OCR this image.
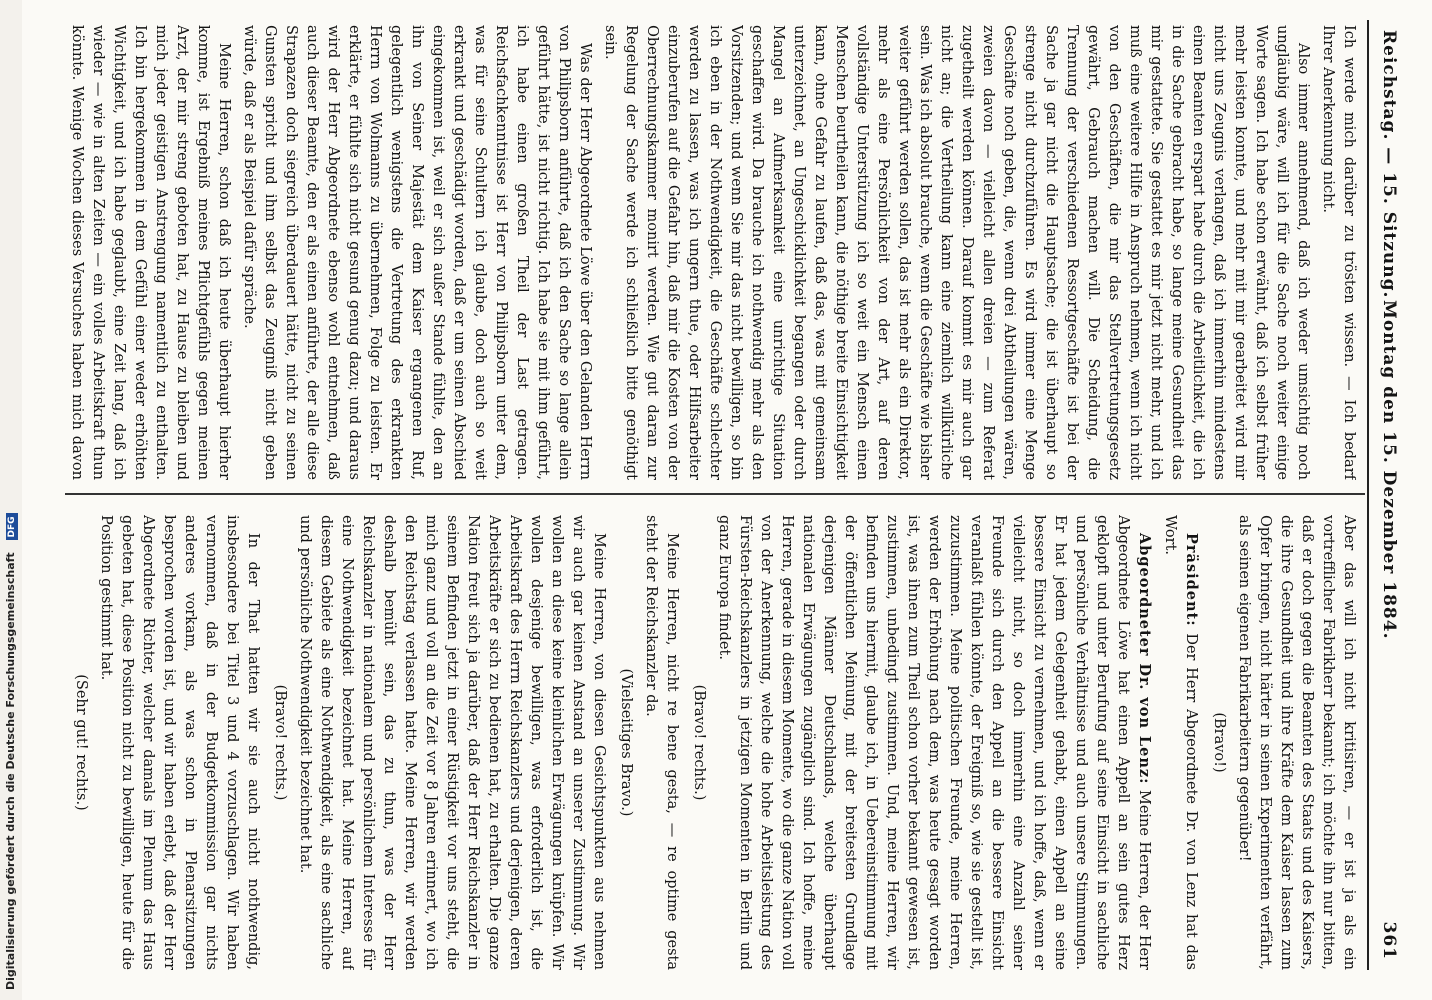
Digitalisierung gefördert durch die Deutsche Forschungsgemeinschaft DFG
Reichstag. — 15. Sitzung.
Montag den 15. Dezember 1884.
361

Ich werde mich darüber zu trösten wissen. — Ich bedarf Ihrer Anerkennung nicht.

Also immer annehmend, daß ich weder umsichtig noch ungläubig wäre, will ich für die Sache noch weiter einige Worte sagen. Ich habe schon erwähnt, daß ich selbst früher mehr leisten konnte, und mehr mit mir gearbeitet wird mir nicht uns Zeugnis verlangen, daß ich immerhin mindestens einen Beamten erspart habe durch die Arbeitlichkeit, die ich in die Sache gebracht habe, so lange meine Gesundheit das mir gestattete. Sie gestattet es mir jetzt nicht mehr, und ich muß eine weitere Hilfe in Anspruch nehmen, wenn ich nicht von den Geschäften, die mir das Stellvertretungsgesetz gewährt, Gebrauch machen will. Die Scheidung, die Trennung der verschiedenen Ressortgeschäfte ist bei der Sache ja gar nicht die Hauptsache; die ist überhaupt so strenge nicht durchzuführen. Es wird immer eine Menge Geschäfte noch geben, die, wenn drei Abtheilungen wären, zweien davon — vielleicht allen dreien — zum Referat zugetheilt werden können. Darauf kommt es mir auch gar nicht an; die Vertheilung kann eine ziemlich willkürliche sein. Was ich absolut brauche, wenn die Geschäfte wie bisher weiter geführt werden sollen, das ist mehr als ein Direktor, mehr als eine Persönlichkeit von der Art, auf deren vollständige Unterstützung ich so weit ein Mensch einen Menschen beurtheilen kann, die nöthige breite Einsichtigkeit kann, ohne Gefahr zu laufen, daß das, was mit gemeinsam unterzeichnet, an Ungeschicklichkeit begangen oder durch Mangel an Aufmerksamkeit eine unrichtige Situation geschaffen wird. Da brauche ich nothwendig mehr als den Vorsitzenden; und wenn Sie mir das nicht bewilligen, so bin ich eben in der Nothwendigkeit, die Geschäfte schlechter werden zu lassen, was ich ungern thue, oder Hilfsarbeiter einzuberufen auf die Gefahr hin, daß mir die Kosten von der Oberrechnungskammer monirt werden. Wie gut daran zur Regelung der Sache werde ich schließlich bitte genöthigt sein.

Was der Herr Abgeordnete Löwe über den Gelanden Herrn von Philipsborn anführte, daß ich den Sache so lange allein geführt hätte, ist nicht richtig. Ich habe sie mit ihm geführt, ich habe einen großen Theil der Last getragen. Reichsfachkenntnisse ist Herr von Philipsborn unter dem, was für seine Schultern ich glaube, doch auch so weit erkrankt und geschädigt worden, daß er um seinen Abschied eingekommen ist, weil er sich außer Stande fühlte, den an ihn von Seiner Majestät dem Kaiser ergangenen Ruf, gelegentlich wenigstens die Vertretung des erkrankten Herrn von Wolmanns zu übernehmen, Folge zu leisten. Er erklärte, er fühlte sich nicht gesund genug dazu; und daraus wird der Herr Abgeordnete ebenso wohl entnehmen, daß auch dieser Beamte, den er als einen anführte, der alle diese Strapazen doch siegreich überdauert hätte, nicht zu seinen Gunsten spricht und ihm selbst das Zeugniß nicht geben würde, daß er als Beispiel dafür spräche.

Meine Herren, schon daß ich heute überhaupt hierher komme, ist Ergebniß meines Pflichtgefühls gegen meinen Arzt, der mir streng geboten hat, zu Hause zu bleiben und mich jeder geistigen Anstrengung namentlich zu enthalten. Ich bin hergekommen in dem Gefühl einer weder erhöhten Wichtigkeit, und ich habe geglaubt, eine Zeit lang, daß ich wieder — wie in alten Zeiten — ein volles Arbeitskraft thun könnte. Wenige Wochen dieses Versuches haben mich davon

Aber das will ich nicht kritisiren, — er ist ja als ein vortrefflicher Fabrikherr bekannt; ich möchte ihn nur bitten, daß er doch gegen die Beamten des Staats und des Kaisers, die ihre Gesundheit und ihre Kräfte dem Kaiser lassen zum Opfer bringen, nicht härter in seinen Experimenten verfährt, als seinen eigenen Fabrikarbeitern gegenüber!

(Bravo!)

Präsident: Der Herr Abgeordnete Dr. von Lenz hat das Wort.

Abgeordneter Dr. von Lenz: Meine Herren, der Herr Abgeordnete Löwe hat einen Appell an sein gutes Herz geklopft und unter Berufung auf seine Einsicht in sachliche und persönliche Verhältnisse und auch unsere Stimmungen. Er hat jedem Gelegenheit gehabt, einen Appell an seine bessere Einsicht zu vernehmen, und ich hoffe, daß, wenn er vielleicht nicht, so doch immerhin eine Anzahl seiner Freunde sich durch den Appell an die bessere Einsicht veranlaßt fühlen könnte, der Ereigniß so, wie sie gestellt ist, zuzustimmen. Meine politischen Freunde, meine Herren, werden der Erhöhung nach dem, was heute gesagt worden ist, was ihnen zum Theil schon vorher bekannt gewesen ist, zustimmen, unbedingt zustimmen. Und, meine Herren, wir befinden uns hiermit, glaube ich, in Uebereinstimmung mit der öffentlichen Meinung, mit der breitesten Grundlage derjenigen Männer Deutschlands, welche überhaupt nationalen Erwägungen zugänglich sind. Ich hoffe, meine Herren, gerade in diesem Momente, wo die ganze Nation voll von der Anerkennung, welche die hohe Arbeitsleistung des Fürsten-Reichskanzlers in jetzigen Momenten in Berlin und ganz Europa findet.

(Bravo! rechts.)

Meine Herren, nicht re bene gesta, — re optime gesta steht der Reichskanzler da.

(Vielseitiges Bravo.)

Meine Herren, von diesen Gesichtspunkten aus nehmen wir auch gar keinen Anstand an unserer Zustimmung. Wir wollen an diese keine kleinlichen Erwägungen knüpfen. Wir wollen desjenige bewilligen, was erforderlich ist, die Arbeitskraft des Herrn Reichskanzlers und derjenigen, deren Arbeitskräfte er sich zu bedienen hat, zu erhalten. Die ganze Nation freut sich ja darüber, daß der Herr Reichskanzler in seinem Befinden jetzt in einer Rüstigkeit vor uns steht, die mich ganz und voll an die Zeit vor 8 Jahren erinnert, wo ich den Reichstag verlassen hatte. Meine Herren, wir werden deshalb bemüht sein, das zu thun, was der Herr Reichskanzler in nationalem und persönlichem Interesse für eine Nothwendigkeit bezeichnet hat. Meine Herren, auf diesem Gebiete als eine Nothwendigkeit, als eine sachliche und persönliche Nothwendigkeit bezeichnet hat.

(Bravo! rechts.)

In der That hatten wir sie auch nicht nothwendig, insbesondere bei Titel 3 und 4 vorzuschlagen. Wir haben vernommen, daß in der Budgetkommission gar nichts anderes vorkam, als was schon in Plenarsitzungen besprochen worden ist, und wir haben erlebt, daß der Herr Abgeordnete Richter, welcher damals im Plenum das Haus gebeten hat, diese Position nicht zu bewilligen, heute für die Position gestimmt hat.

(Sehr gut! rechts.)
